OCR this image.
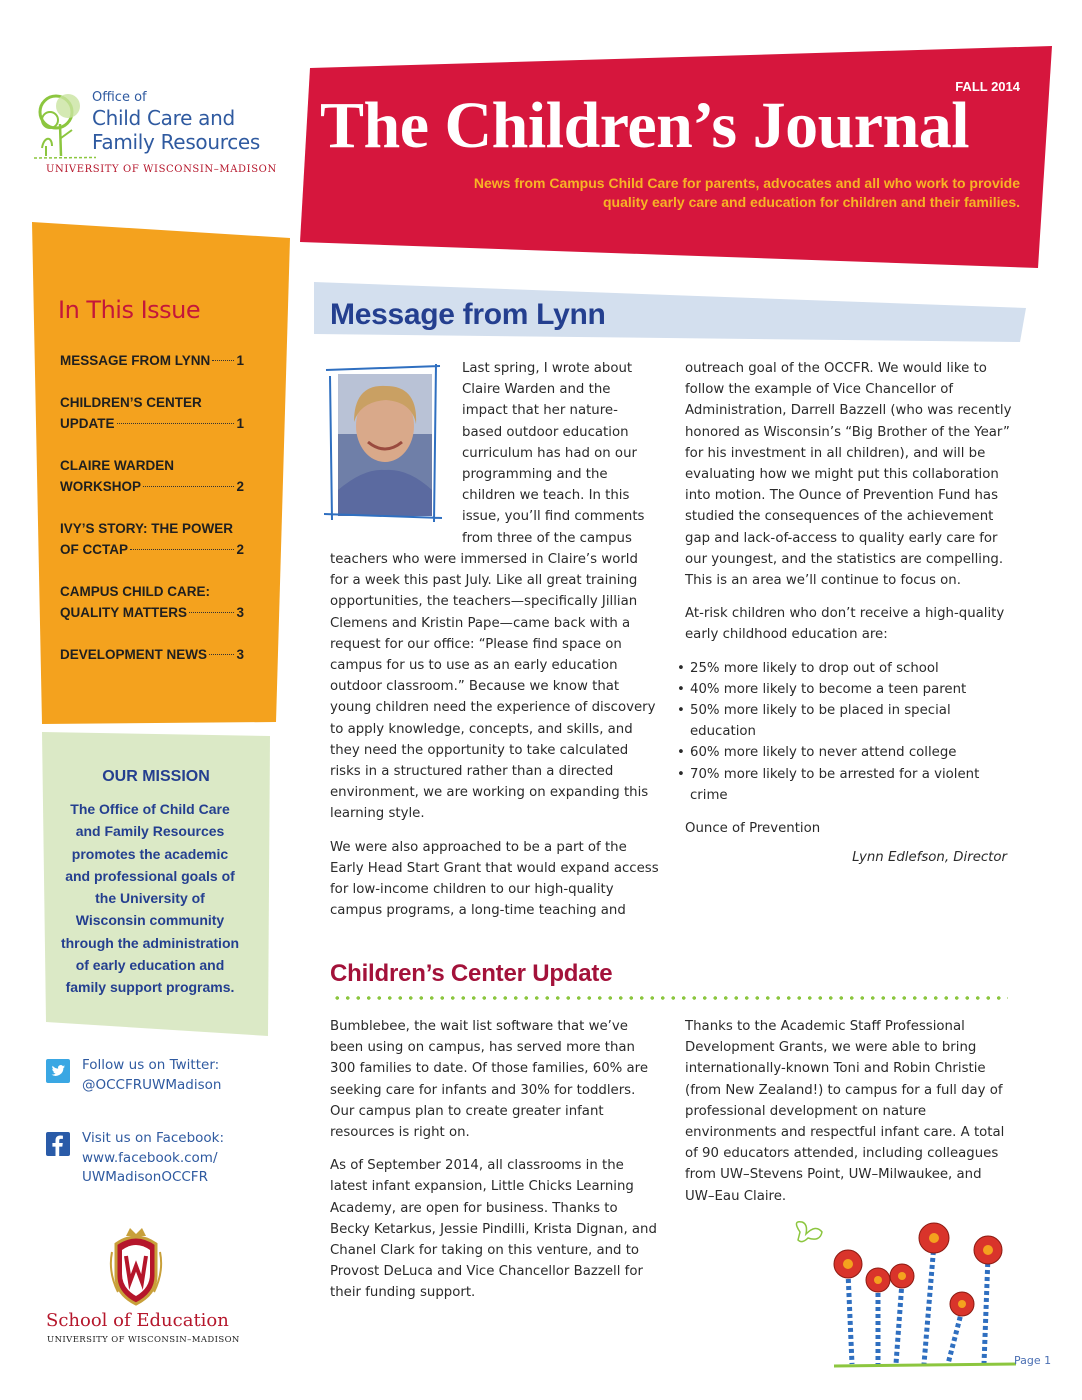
Office of
Child Care and
Family Resources
UNIVERSITY OF WISCONSIN–MADISON
FALL 2014
The Children’s Journal
News from Campus Child Care for parents, advocates and all who work to provide
quality early care and education for children and their families.
In This Issue
MESSAGE FROM LYNN 1
CHILDREN’S CENTER
UPDATE	1
CLAIRE WARDEN
WORKSHOP	2
IVY’S STORY: THE POWER
OF CCTAP	2
CAMPUS CHILD CARE:
QUALITY MATTERS	3
DEVELOPMENT NEWS 3
OUR MISSION
The Office of Child Care and Family Resources promotes the academic and professional goals of the University of Wisconsin community through the administration of early education and family support programs.
Follow us on Twitter:
@OCCFRUWMadison
Visit us on Facebook:
www.facebook.com/
UWMadisonOCCFR
School of Education
UNIVERSITY OF WISCONSIN–MADISON
Message from Lynn
Last spring, I wrote about Claire Warden and the impact that her nature-based outdoor education curriculum has had on our programming and the children we teach. In this issue, you’ll find comments from three of the campus
teachers who were immersed in Claire’s world for a week this past July. Like all great training opportunities, the teachers—specifically Jillian Clemens and Kristin Pape—came back with a request for our office: “Please find space on campus for us to use as an early education outdoor classroom.” Because we know that young children need the experience of discovery to apply knowledge, concepts, and skills, and they need the opportunity to take calculated risks in a structured rather than a directed environment, we are working on expanding this learning style.
We were also approached to be a part of the Early Head Start Grant that would expand access for low-income children to our high-quality campus programs, a long-time teaching and
outreach goal of the OCCFR. We would like to follow the example of Vice Chancellor of Administration, Darrell Bazzell (who was recently honored as Wisconsin’s “Big Brother of the Year” for his investment in all children), and will be evaluating how we might put this collaboration into motion. The Ounce of Prevention Fund has studied the consequences of the achievement gap and lack-of-access to quality early care for our youngest, and the statistics are compelling. This is an area we’ll continue to focus on.
At-risk children who don’t receive a high-quality early childhood education are:
• 25% more likely to drop out of school
• 40% more likely to become a teen parent
• 50% more likely to be placed in special education
• 60% more likely to never attend college
• 70% more likely to be arrested for a violent crime
Ounce of Prevention
Lynn Edlefson, Director
Children’s Center Update
Bumblebee, the wait list software that we’ve been using on campus, has served more than 300 families to date. Of those families, 60% are seeking care for infants and 30% for toddlers. Our campus plan to create greater infant resources is right on.
As of September 2014, all classrooms in the latest infant expansion, Little Chicks Learning Academy, are open for business. Thanks to Becky Ketarkus, Jessie Pindilli, Krista Dignan, and Chanel Clark for taking on this venture, and to Provost DeLuca and Vice Chancellor Bazzell for their funding support.
Thanks to the Academic Staff Professional Development Grants, we were able to bring internationally-known Toni and Robin Christie (from New Zealand!) to campus for a full day of professional development on nature environments and respectful infant care. A total of 90 educators attended, including colleagues from UW–Stevens Point, UW–Milwaukee, and UW–Eau Claire.
Page 1
